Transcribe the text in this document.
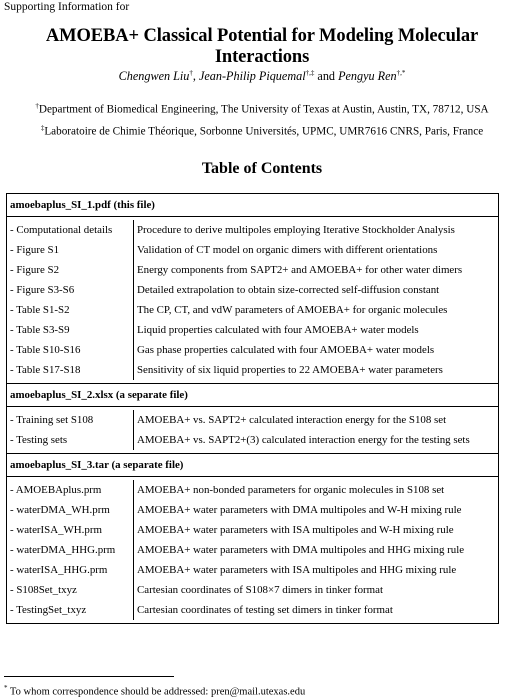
Supporting Information for
AMOEBA+ Classical Potential for Modeling Molecular Interactions
Chengwen Liu†, Jean-Philip Piquemal†,‡ and Pengyu Ren†,*
†Department of Biomedical Engineering, The University of Texas at Austin, Austin, TX, 78712, USA
‡Laboratoire de Chimie Théorique, Sorbonne Universités, UPMC, UMR7616 CNRS, Paris, France
Table of Contents
amoebaplus_SI_1.pdf (this file)	

- Computational details	Procedure to derive multipoles employing Iterative Stockholder Analysis
- Figure S1	Validation of CT model on organic dimers with different orientations
- Figure S2	Energy components from SAPT2+ and AMOEBA+ for other water dimers
- Figure S3-S6	Detailed extrapolation to obtain size-corrected self-diffusion constant
- Table S1-S2	The CP, CT, and vdW parameters of AMOEBA+ for organic molecules
- Table S3-S9	Liquid properties calculated with four AMOEBA+ water models
- Table S10-S16	Gas phase properties calculated with four AMOEBA+ water models
- Table S17-S18	Sensitivity of six liquid properties to 22 AMOEBA+ water parameters

amoebaplus_SI_2.xlsx (a separate file)	

- Training set S108	AMOEBA+ vs. SAPT2+ calculated interaction energy for the S108 set
- Testing sets	AMOEBA+ vs. SAPT2+(3) calculated interaction energy for the testing sets

amoebaplus_SI_3.tar (a separate file)	

- AMOEBAplus.prm	AMOEBA+ non-bonded parameters for organic molecules in S108 set
- waterDMA_WH.prm	AMOEBA+ water parameters with DMA multipoles and W-H mixing rule
- waterISA_WH.prm	AMOEBA+ water parameters with ISA multipoles and W-H mixing rule
- waterDMA_HHG.prm	AMOEBA+ water parameters with DMA multipoles and HHG mixing rule
- waterISA_HHG.prm	AMOEBA+ water parameters with ISA multipoles and HHG mixing rule
- S108Set_txyz	Cartesian coordinates of S108×7 dimers in tinker format
- TestingSet_txyz	Cartesian coordinates of testing set dimers in tinker format

* To whom correspondence should be addressed: pren@mail.utexas.edu
